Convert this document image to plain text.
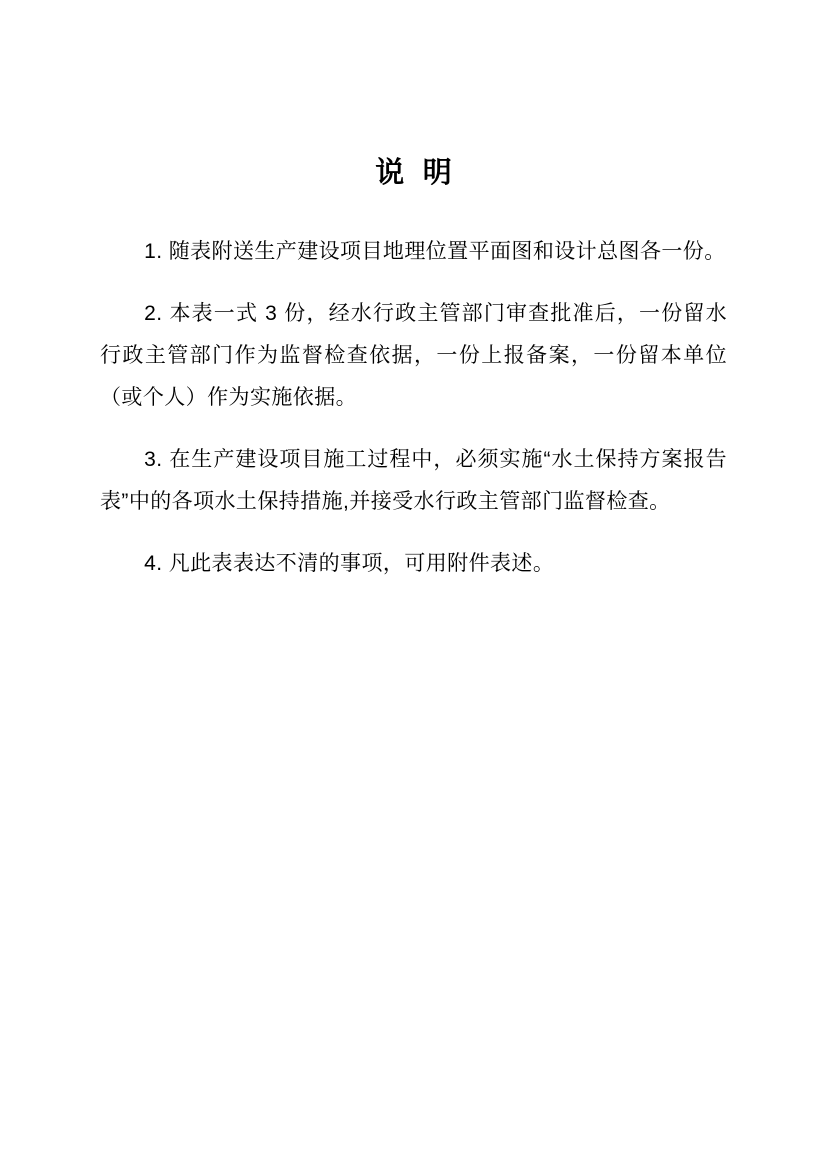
说 明

1. 随表附送生产建设项目地理位置平面图和设计总图各一份。

2. 本表一式 3 份，经水行政主管部门审查批准后，一份留水行政主管部门作为监督检查依据，一份上报备案，一份留本单位（或个人）作为实施依据。

3. 在生产建设项目施工过程中，必须实施“水土保持方案报告表”中的各项水土保持措施,并接受水行政主管部门监督检查。

4. 凡此表表达不清的事项，可用附件表述。
